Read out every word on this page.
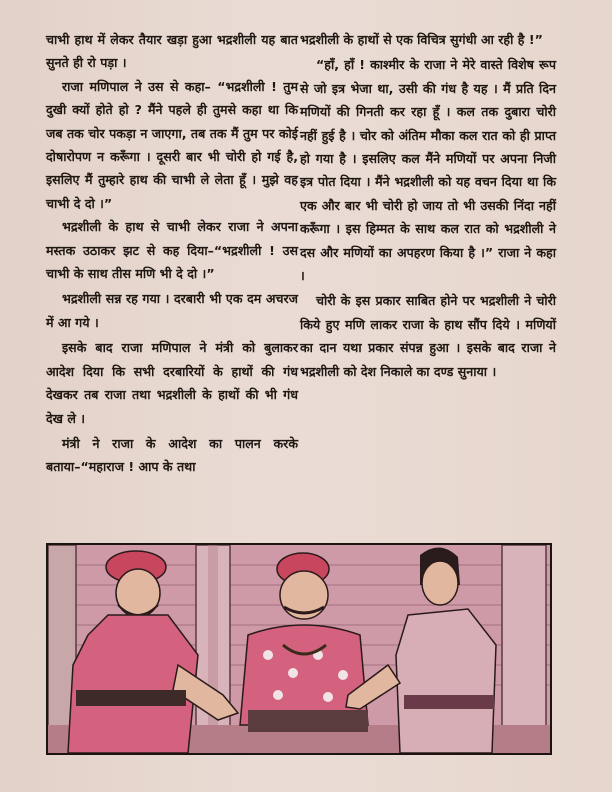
चाभी हाथ में लेकर तैयार खड़ा हुआ भद्रशीली यह बात सुनते ही रो पड़ा ।

राजा मणिपाल ने उस से कहा– “भद्रशीली ! तुम दुखी क्यों होते हो ? मैंने पहले ही तुमसे कहा था कि जब तक चोर पकड़ा न जाएगा, तब तक मैं तुम पर कोई दोषारोपण न करूँगा । दूसरी बार भी चोरी हो गई है, इसलिए मैं तुम्हारे हाथ की चाभी ले लेता हूँ । मुझे वह चाभी दे दो ।”

भद्रशीली के हाथ से चाभी लेकर राजा ने अपना मस्तक उठाकर झट से कह दिया–“भद्रशीली ! उस चाभी के साथ तीस मणि भी दे दो ।”

भद्रशीली सन्न रह गया । दरबारी भी एक दम अचरज में आ गये ।

इसके बाद राजा मणिपाल ने मंत्री को बुलाकर आदेश दिया कि सभी दरबारियों के हाथों की गंध देखकर तब राजा तथा भद्रशीली के हाथों की भी गंध देख ले ।

मंत्री ने राजा के आदेश का पालन करके बताया–“महाराज ! आप के तथा

भद्रशीली के हाथों से एक विचित्र सुगंधी आ रही है !”

“हाँ, हाँ ! काश्मीर के राजा ने मेरे वास्ते विशेष रूप से जो इत्र भेजा था, उसी की गंध है यह । मैं प्रति दिन मणियों की गिनती कर रहा हूँ । कल तक दुबारा चोरी नहीं हुई है । चोर को अंतिम मौका कल रात को ही प्राप्त हो गया है । इसलिए कल मैंने मणियों पर अपना निजी इत्र पोत दिया । मैंने भद्रशीली को यह वचन दिया था कि एक और बार भी चोरी हो जाय तो भी उसकी निंदा नहीं करूँगा । इस हिम्मत के साथ कल रात को भद्रशीली ने दस और मणियों का अपहरण किया है ।” राजा ने कहा ।

चोरी के इस प्रकार साबित होने पर भद्रशीली ने चोरी किये हुए मणि लाकर राजा के हाथ सौंप दिये । मणियों का दान यथा प्रकार संपन्न हुआ । इसके बाद राजा ने भद्रशीली को देश निकाले का दण्ड सुनाया ।
